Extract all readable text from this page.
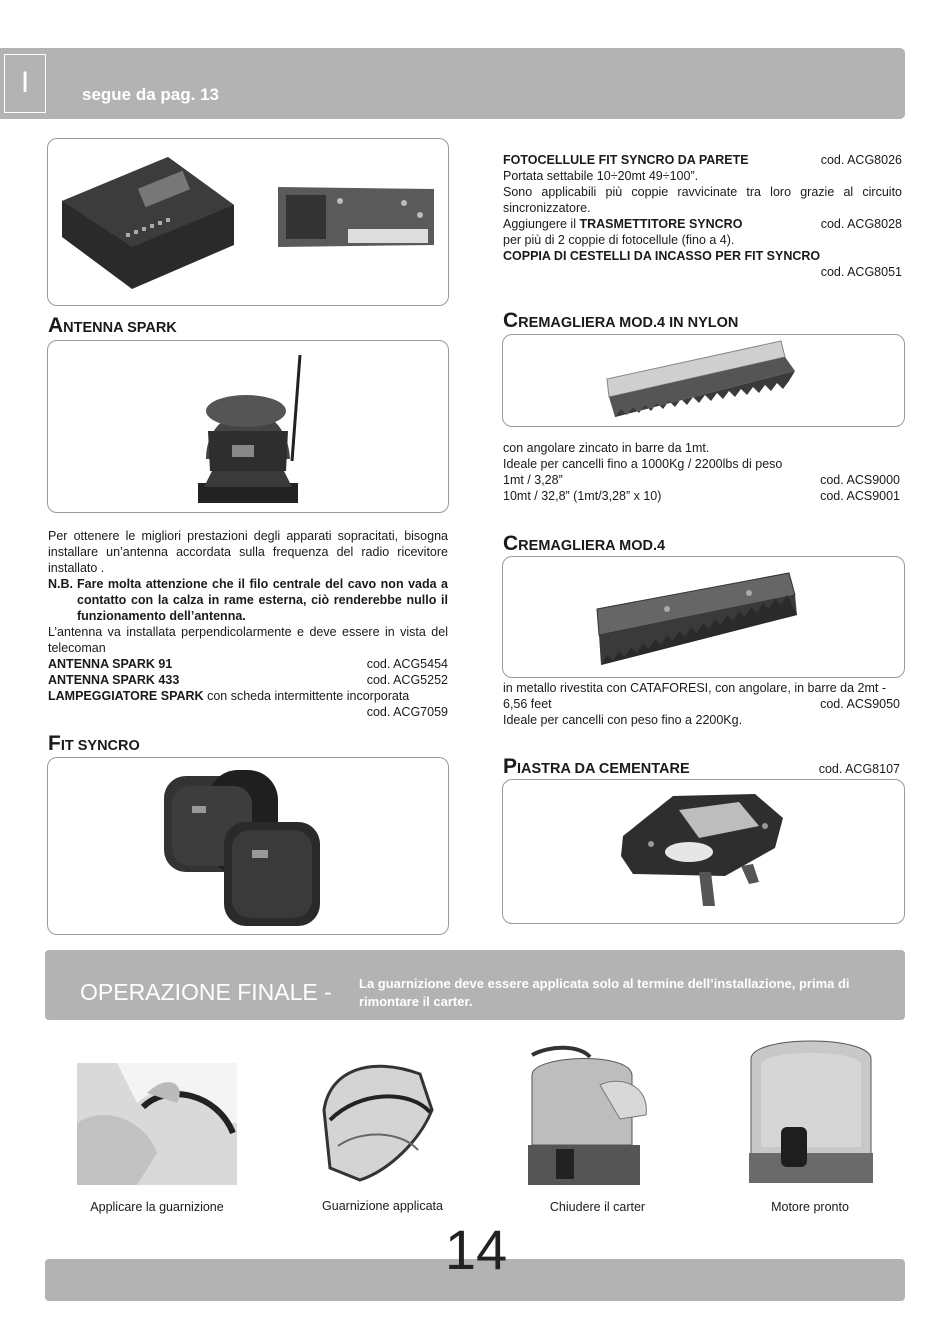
I	segue da pag. 13
FOTOCELLULE FIT SYNCRO DA PARETE	cod. ACG8026
Portata settabile 10÷20mt 49÷100”.
Sono applicabili più coppie ravvicinate tra loro grazie al circuito sincronizzatore.
Aggiungere il TRASMETTITORE SYNCRO	cod. ACG8028
per più di 2 coppie di fotocellule (fino a 4).
COPPIA DI CESTELLI DA INCASSO PER FIT SYNCRO
cod. ACG8051
ANTENNA SPARK
Per ottenere le migliori prestazioni degli apparati sopracitati, bisogna installare un’antenna accordata sulla frequenza del radio ricevitore installato .
N.B. Fare molta attenzione che il filo centrale del cavo non vada a contatto con la calza in rame esterna, ciò renderebbe nullo il funzionamento dell’antenna.
L’antenna va installata perpendicolarmente e deve essere in vista del telecoman
ANTENNA SPARK 91	cod. ACG5454
ANTENNA SPARK 433	cod. ACG5252
LAMPEGGIATORE SPARK con scheda intermittente incorporata
cod. ACG7059
FIT SYNCRO
CREMAGLIERA MOD.4 IN NYLON
con angolare zincato in barre da 1mt.
Ideale per cancelli fino a 1000Kg / 2200lbs di peso
1mt / 3,28”	cod. ACS9000
10mt / 32,8” (1mt/3,28” x 10)	cod. ACS9001
CREMAGLIERA MOD.4
in metallo rivestita con CATAFORESI, con angolare, in barre da 2mt -
6,56 feet	cod. ACS9050
Ideale per cancelli con peso fino a 2200Kg.
PIASTRA DA CEMENTARE	cod. ACG8107
OPERAZIONE FINALE - La guarnizione deve essere applicata solo al termine dell’installazione, prima di rimontare il carter.
Applicare la guarnizione	Guarnizione applicata	Chiudere il carter	Motore pronto
14
